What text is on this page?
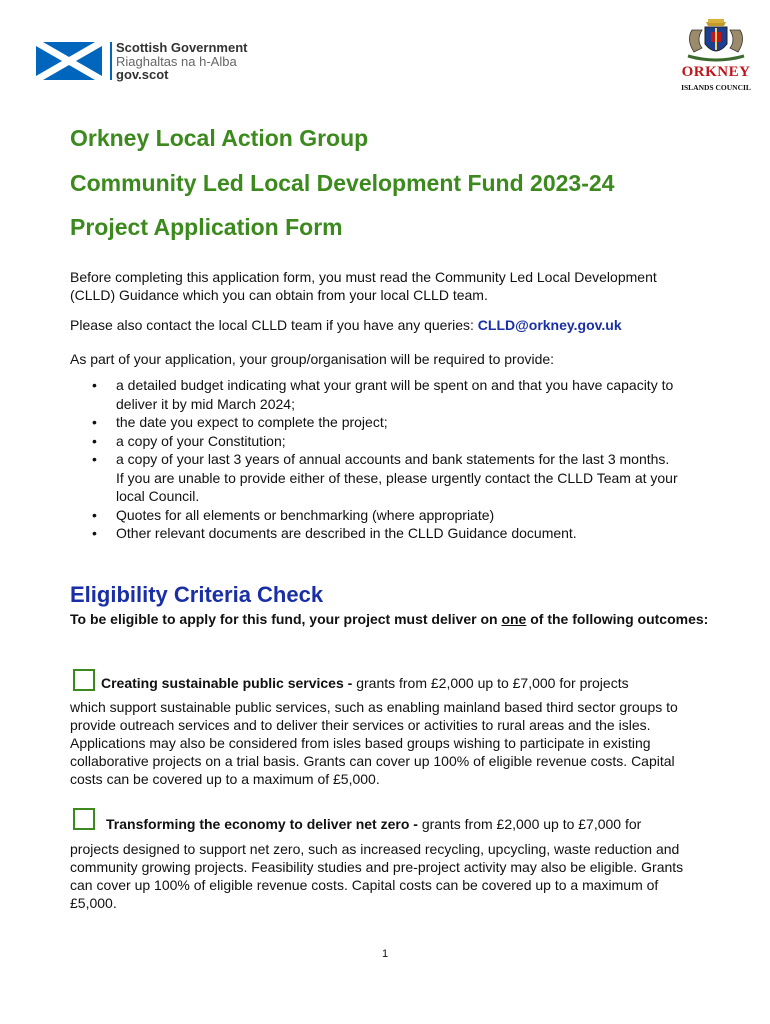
Scottish Government
Riaghaltas na h-Alba
gov.scot	ORKNEY
ISLANDS COUNCIL
Orkney Local Action Group
Community Led Local Development Fund 2023-24
Project Application Form

Before completing this application form, you must read the Community Led Local Development (CLLD) Guidance which you can obtain from your local CLLD team.

Please also contact the local CLLD team if you have any queries: CLLD@orkney.gov.uk

As part of your application, your group/organisation will be required to provide:

• a detailed budget indicating what your grant will be spent on and that you have capacity to deliver it by mid March 2024;
• the date you expect to complete the project;
• a copy of your Constitution;
• a copy of your last 3 years of annual accounts and bank statements for the last 3 months. If you are unable to provide either of these, please urgently contact the CLLD Team at your local Council.
• Quotes for all elements or benchmarking (where appropriate)
• Other relevant documents are described in the CLLD Guidance document.
Eligibility Criteria Check

To be eligible to apply for this fund, your project must deliver on one of the following outcomes:

Creating sustainable public services - grants from £2,000 up to £7,000 for projects

which support sustainable public services, such as enabling mainland based third sector groups to provide outreach services and to deliver their services or activities to rural areas and the isles. Applications may also be considered from isles based groups wishing to participate in existing collaborative projects on a trial basis. Grants can cover up 100% of eligible revenue costs. Capital costs can be covered up to a maximum of £5,000.

Transforming the economy to deliver net zero - grants from £2,000 up to £7,000 for

projects designed to support net zero, such as increased recycling, upcycling, waste reduction and community growing projects. Feasibility studies and pre-project activity may also be eligible. Grants can cover up 100% of eligible revenue costs. Capital costs can be covered up to a maximum of £5,000.

1
